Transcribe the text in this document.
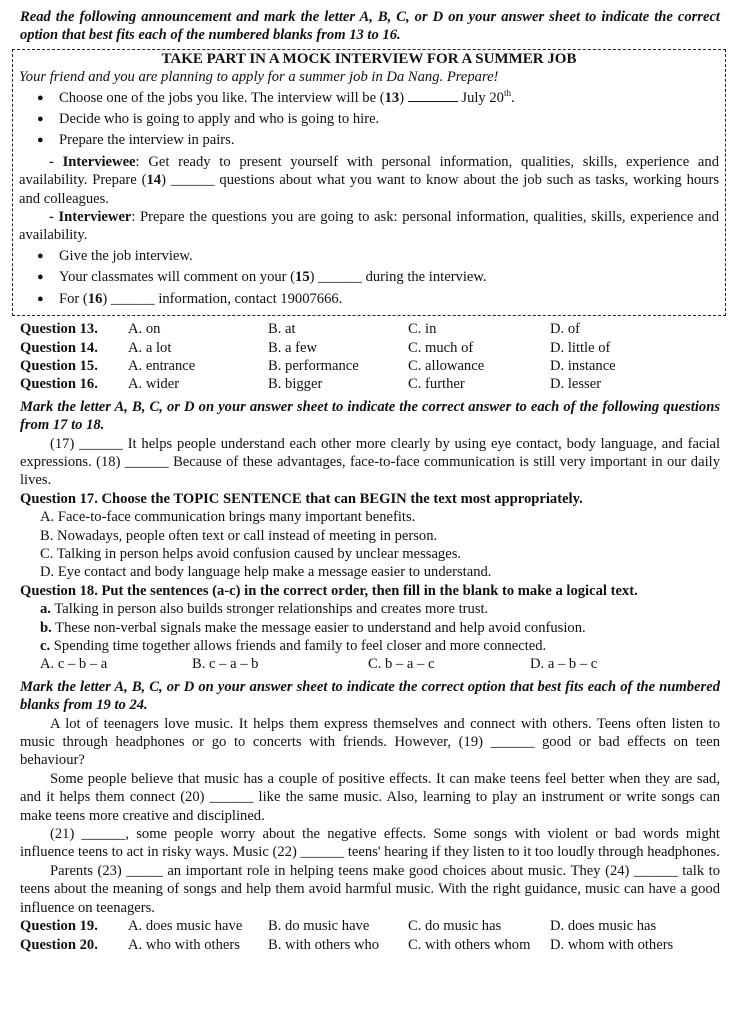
Read the following announcement and mark the letter A, B, C, or D on your answer sheet to indicate the correct option that best fits each of the numbered blanks from 13 to 16.
TAKE PART IN A MOCK INTERVIEW FOR A SUMMER JOB
Your friend and you are planning to apply for a summer job in Da Nang. Prepare!
● Choose one of the jobs you like. The interview will be (13)	July 20th.
● Decide who is going to apply and who is going to hire.
● Prepare the interview in pairs.
- Interviewee: Get ready to present yourself with personal information, qualities, skills, experience and availability. Prepare (14) ______ questions about what you want to know about the job such as tasks, working hours and colleagues.
- Interviewer: Prepare the questions you are going to ask: personal information, qualities, skills, experience and availability.
● Give the job interview.
● Your classmates will comment on your (15) ______ during the interview.
● For (16) ______ information, contact 19007666.
Question 13.	A. on	B. at	C. in	D. of
Question 14.	A. a lot	B. a few	C. much of	D. little of
Question 15.	A. entrance	B. performance	C. allowance	D. instance
Question 16.	A. wider	B. bigger	C. further	D. lesser
Mark the letter A, B, C, or D on your answer sheet to indicate the correct answer to each of the following questions from 17 to 18.
(17) ______ It helps people understand each other more clearly by using eye contact, body language, and facial expressions. (18) ______ Because of these advantages, face-to-face communication is still very important in our daily lives.
Question 17. Choose the TOPIC SENTENCE that can BEGIN the text most appropriately.
A. Face-to-face communication brings many important benefits.
B. Nowadays, people often text or call instead of meeting in person.
C. Talking in person helps avoid confusion caused by unclear messages.
D. Eye contact and body language help make a message easier to understand.
Question 18. Put the sentences (a-c) in the correct order, then fill in the blank to make a logical text.
a. Talking in person also builds stronger relationships and creates more trust.
b. These non-verbal signals make the message easier to understand and help avoid confusion.
c. Spending time together allows friends and family to feel closer and more connected.
A. c – b – a	B. c – a – b	C. b – a – c	D. a – b – c
Mark the letter A, B, C, or D on your answer sheet to indicate the correct option that best fits each of the numbered blanks from 19 to 24.
A lot of teenagers love music. It helps them express themselves and connect with others. Teens often listen to music through headphones or go to concerts with friends. However, (19) ______ good or bad effects on teen behaviour?
Some people believe that music has a couple of positive effects. It can make teens feel better when they are sad, and it helps them connect (20) ______ like the same music. Also, learning to play an instrument or write songs can make teens more creative and disciplined.
(21) ______, some people worry about the negative effects. Some songs with violent or bad words might influence teens to act in risky ways. Music (22) ______ teens' hearing if they listen to it too loudly through headphones.
Parents (23) _____ an important role in helping teens make good choices about music. They (24) ______ talk to teens about the meaning of songs and help them avoid harmful music. With the right guidance, music can have a good influence on teenagers.
Question 19.	A. does music have	B. do music have	C. do music has	D. does music has
Question 20.	A. who with others	B. with others who	C. with others whom	D. whom with others
